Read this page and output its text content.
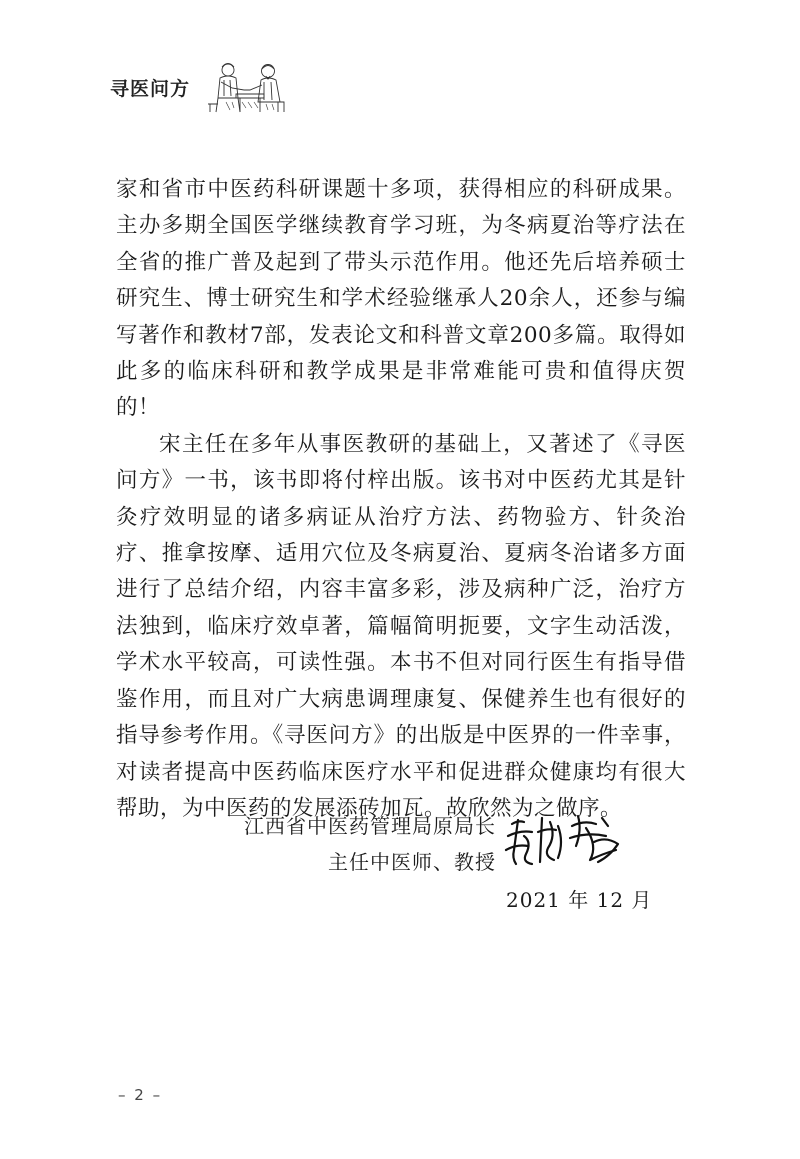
寻医问方

家和省市中医药科研课题十多项，获得相应的科研成果。主办多期全国医学继续教育学习班，为冬病夏治等疗法在全省的推广普及起到了带头示范作用。他还先后培养硕士研究生、博士研究生和学术经验继承人20余人，还参与编写著作和教材7部，发表论文和科普文章200多篇。取得如此多的临床科研和教学成果是非常难能可贵和值得庆贺的！

宋主任在多年从事医教研的基础上，又著述了《寻医问方》一书，该书即将付梓出版。该书对中医药尤其是针灸疗效明显的诸多病证从治疗方法、药物验方、针灸治疗、推拿按摩、适用穴位及冬病夏治、夏病冬治诸多方面进行了总结介绍，内容丰富多彩，涉及病种广泛，治疗方法独到，临床疗效卓著，篇幅简明扼要，文字生动活泼，学术水平较高，可读性强。本书不但对同行医生有指导借鉴作用，而且对广大病患调理康复、保健养生也有很好的指导参考作用。《寻医问方》的出版是中医界的一件幸事，对读者提高中医药临床医疗水平和促进群众健康均有很大帮助，为中医药的发展添砖加瓦。故欣然为之做序。

江西省中医药管理局原局长
主任中医师、教授
2021 年 12 月
– 2 –
